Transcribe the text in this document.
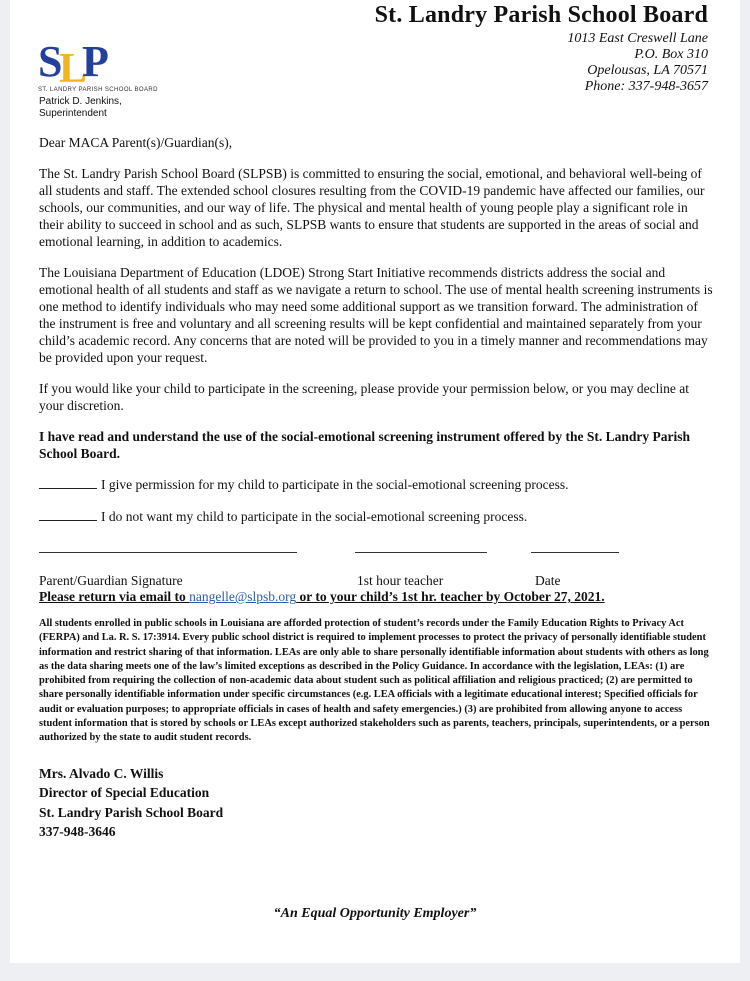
St. Landry Parish School Board
1013 East Creswell Lane
P.O. Box 310
Opelousas, LA 70571
Phone: 337-948-3657
S
L
P
ST. LANDRY PARISH SCHOOL BOARD
Patrick D. Jenkins,
Superintendent

Dear MACA Parent(s)/Guardian(s),

The St. Landry Parish School Board (SLPSB) is committed to ensuring the social, emotional, and behavioral well-being of all students and staff. The extended school closures resulting from the COVID-19 pandemic have affected our families, our schools, our communities, and our way of life. The physical and mental health of young people play a significant role in their ability to succeed in school and as such, SLPSB wants to ensure that students are supported in the areas of social and emotional learning, in addition to academics.

The Louisiana Department of Education (LDOE) Strong Start Initiative recommends districts address the social and emotional health of all students and staff as we navigate a return to school. The use of mental health screening instruments is one method to identify individuals who may need some additional support as we transition forward. The administration of the instrument is free and voluntary and all screening results will be kept confidential and maintained separately from your child’s academic record. Any concerns that are noted will be provided to you in a timely manner and recommendations may be provided upon your request.

If you would like your child to participate in the screening, please provide your permission below, or you may decline at your discretion.

I have read and understand the use of the social-emotional screening instrument offered by the St. Landry Parish School Board.

I give permission for my child to participate in the social-emotional screening process.
I do not want my child to participate in the social-emotional screening process.
Parent/Guardian Signature	1st hour teacher	Date
Please return via email to nangelle@slpsb.org or to your child’s 1st hr. teacher by October 27, 2021.
All students enrolled in public schools in Louisiana are afforded protection of student’s records under the Family Education Rights to Privacy Act (FERPA) and La. R. S. 17:3914. Every public school district is required to implement processes to protect the privacy of personally identifiable student information and restrict sharing of that information. LEAs are only able to share personally identifiable information about students with others as long as the data sharing meets one of the law’s limited exceptions as described in the Policy Guidance. In accordance with the legislation, LEAs: (1) are prohibited from requiring the collection of non-academic data about student such as political affiliation and religious practiced; (2) are permitted to share personally identifiable information under specific circumstances (e.g. LEA officials with a legitimate educational interest; Specified officials for audit or evaluation purposes; to appropriate officials in cases of health and safety emergencies.) (3) are prohibited from allowing anyone to access student information that is stored by schools or LEAs except authorized stakeholders such as parents, teachers, principals, superintendents, or a person authorized by the state to audit student records.
Mrs. Alvado C. Willis
Director of Special Education
St. Landry Parish School Board
337-948-3646
“An Equal Opportunity Employer”
